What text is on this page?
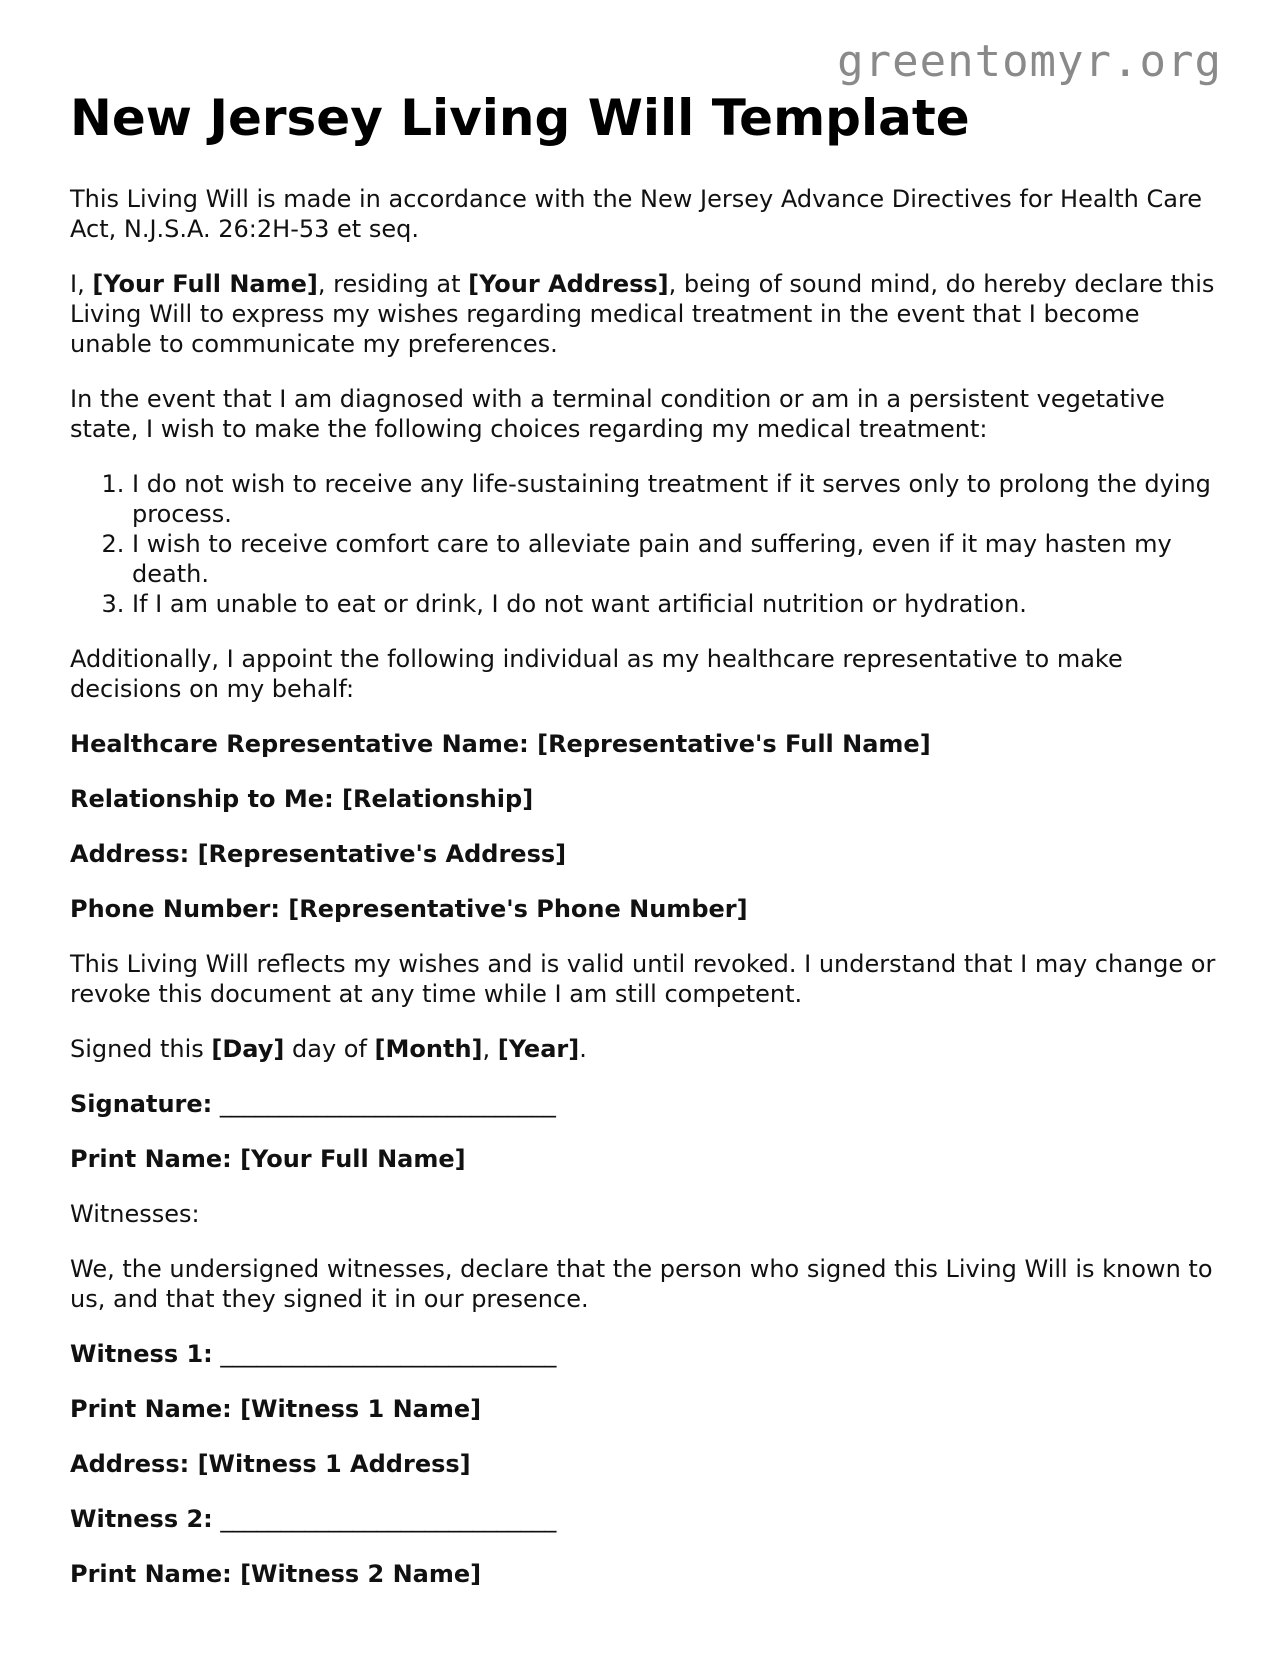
greentomyr.org
New Jersey Living Will Template

This Living Will is made in accordance with the New Jersey Advance Directives for Health Care Act, N.J.S.A. 26:2H-53 et seq.

I, [Your Full Name], residing at [Your Address], being of sound mind, do hereby declare this Living Will to express my wishes regarding medical treatment in the event that I become unable to communicate my preferences.

In the event that I am diagnosed with a terminal condition or am in a persistent vegetative state, I wish to make the following choices regarding my medical treatment:

1. I do not wish to receive any life-sustaining treatment if it serves only to prolong the dying process.
2. I wish to receive comfort care to alleviate pain and suffering, even if it may hasten my death.
3. If I am unable to eat or drink, I do not want artificial nutrition or hydration.

Additionally, I appoint the following individual as my healthcare representative to make decisions on my behalf:

Healthcare Representative Name: [Representative's Full Name]

Relationship to Me: [Relationship]

Address: [Representative's Address]

Phone Number: [Representative's Phone Number]

This Living Will reflects my wishes and is valid until revoked. I understand that I may change or revoke this document at any time while I am still competent.

Signed this [Day] day of [Month], [Year].

Signature: ____________________________

Print Name: [Your Full Name]

Witnesses:

We, the undersigned witnesses, declare that the person who signed this Living Will is known to us, and that they signed it in our presence.

Witness 1: ____________________________

Print Name: [Witness 1 Name]

Address: [Witness 1 Address]

Witness 2: ____________________________

Print Name: [Witness 2 Name]
